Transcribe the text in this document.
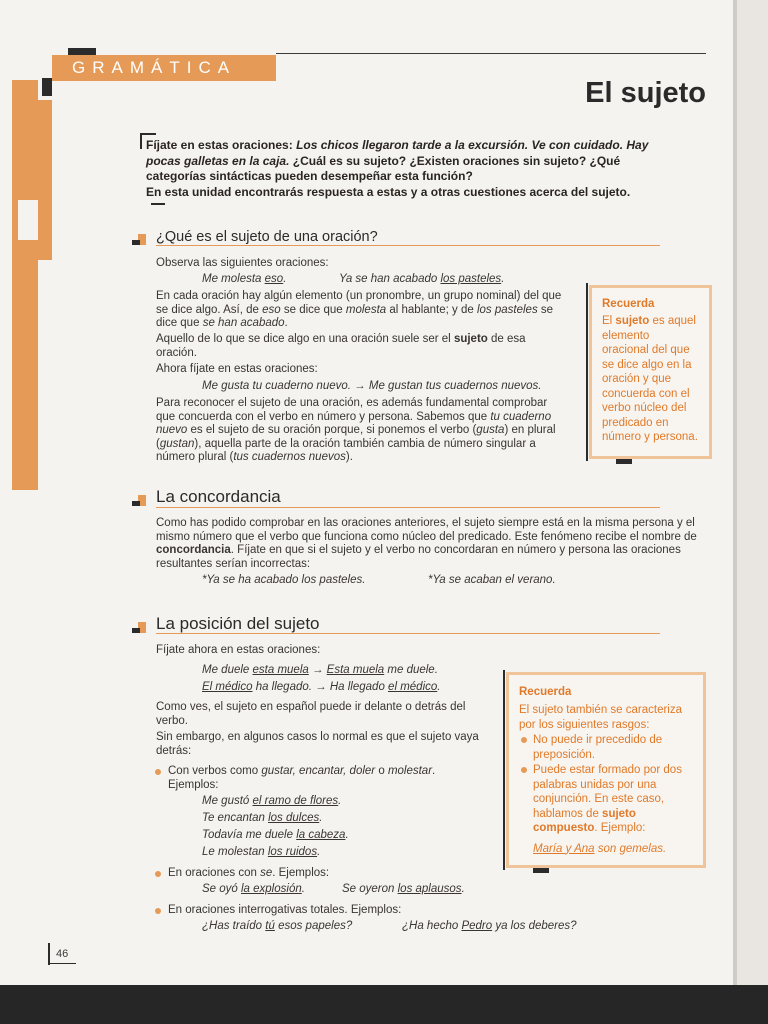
GRAMÁTICA
El sujeto

Fíjate en estas oraciones: Los chicos llegaron tarde a la excursión. Ve con cuidado. Hay

pocas galletas en la caja. ¿Cuál es su sujeto? ¿Existen oraciones sin sujeto? ¿Qué

categorías sintácticas pueden desempeñar esta función?

En esta unidad encontrarás respuesta a estas y a otras cuestiones acerca del sujeto.

¿Qué es el sujeto de una oración?
Observa las siguientes oraciones:
Me molesta eso.	Ya se han acabado los pasteles.

En cada oración hay algún elemento (un pronombre, un grupo nominal) del que se dice algo. Así, de eso se dice que molesta al hablante; y de los pasteles se dice que se han acabado.

Aquello de lo que se dice algo en una oración suele ser el sujeto de esa oración.

Ahora fíjate en estas oraciones:
Me gusta tu cuaderno nuevo. → Me gustan tus cuadernos nuevos.

Para reconocer el sujeto de una oración, es además fundamental comprobar que concuerda con el verbo en número y persona. Sabemos que tu cuaderno nuevo es el sujeto de su oración porque, si ponemos el verbo (gusta) en plural (gustan), aquella parte de la oración también cambia de número singular a número plural (tus cuadernos nuevos).

Recuerda
El sujeto es aquel elemento oracional del que se dice algo en la oración y que concuerda con el verbo núcleo del predicado en número y persona.
La concordancia

Como has podido comprobar en las oraciones anteriores, el sujeto siempre está en la misma persona y el mismo número que el verbo que funciona como núcleo del predicado. Este fenómeno recibe el nombre de concordancia. Fíjate en que si el sujeto y el verbo no concordaran en número y persona las oraciones resultantes serían incorrectas:

*Ya se ha acabado los pasteles.	*Ya se acaban el verano.
La posición del sujeto
Fíjate ahora en estas oraciones:
Me duele esta muela → Esta muela me duele.
El médico ha llegado. → Ha llegado el médico.
Como ves, el sujeto en español puede ir delante o detrás del verbo.
Sin embargo, en algunos casos lo normal es que el sujeto vaya detrás:

Con verbos como gustar, encantar, doler o molestar.

Ejemplos:

Me gustó el ramo de flores.
Te encantan los dulces.
Todavía me duele la cabeza.
Le molestan los ruidos.
En oraciones con se. Ejemplos:
Se oyó la explosión.	Se oyeron los aplausos.
En oraciones interrogativas totales. Ejemplos:
¿Has traído tú esos papeles?	¿Ha hecho Pedro ya los deberes?
Recuerda
El sujeto también se caracteriza por los siguientes rasgos:
No puede ir precedido de preposición.
Puede estar formado por dos palabras unidas por una conjunción. En este caso, hablamos de sujeto compuesto. Ejemplo:
María y Ana son gemelas.
46
